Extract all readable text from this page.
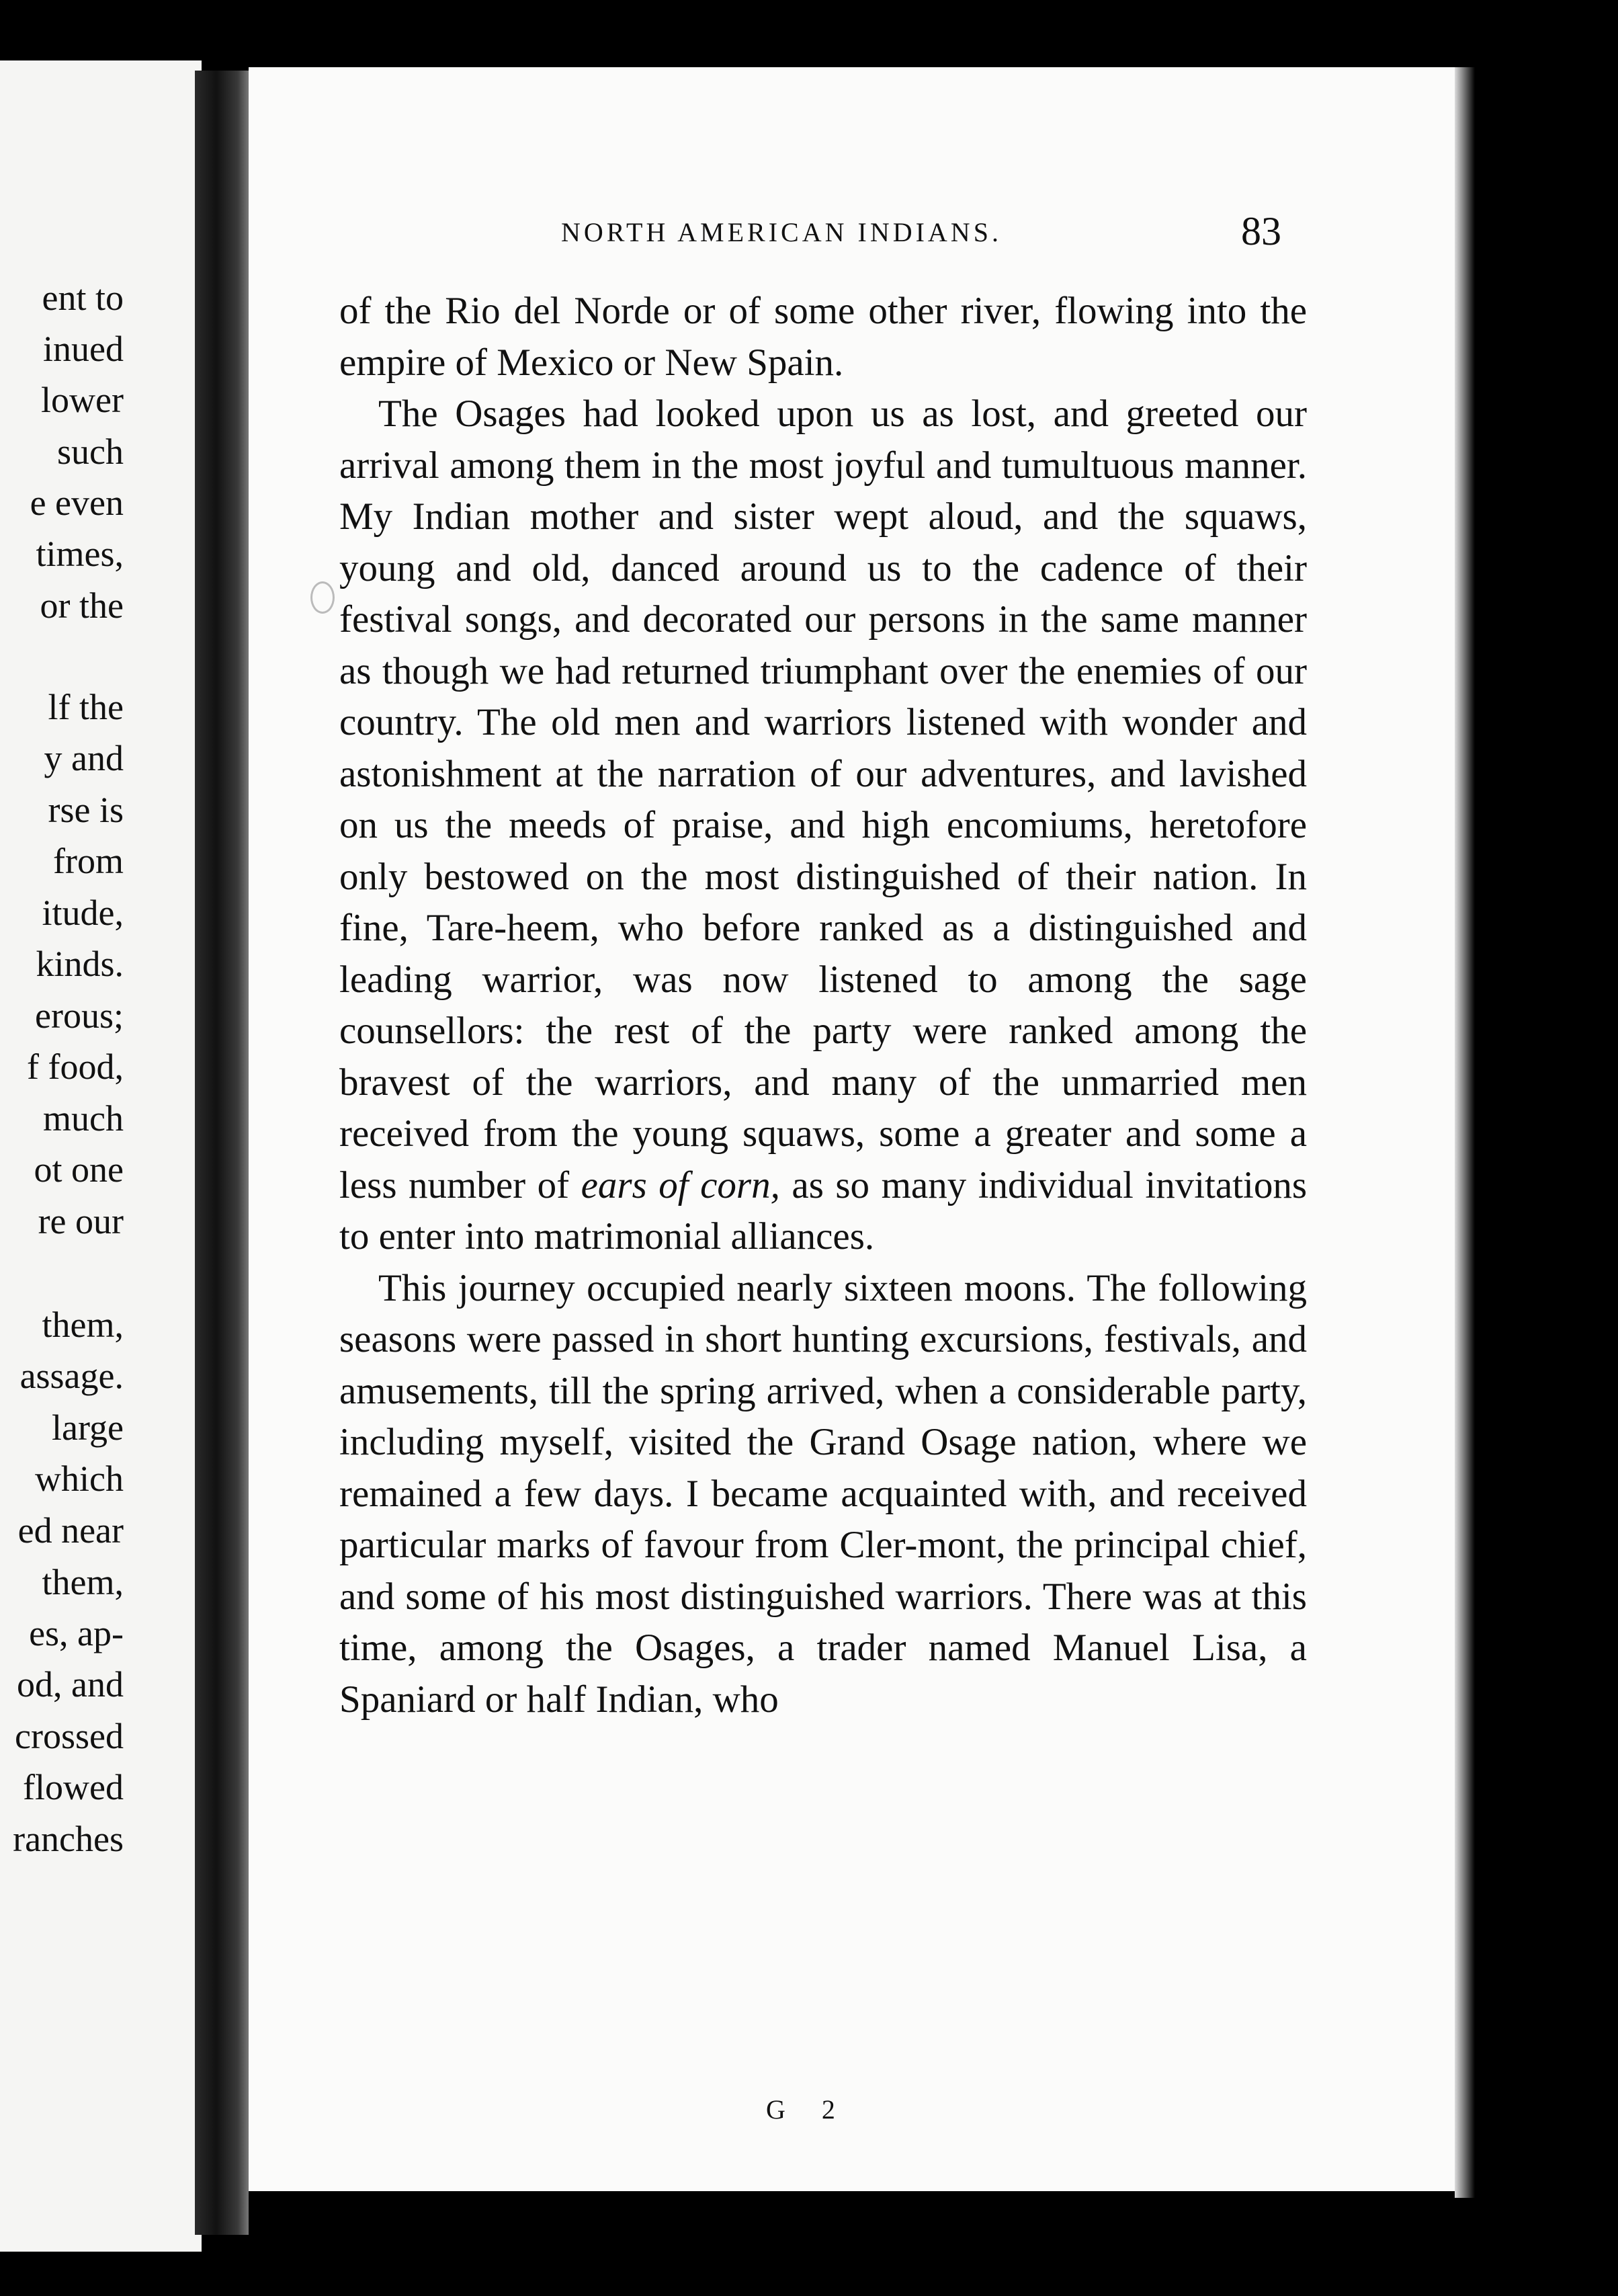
ent to
inued
lower
such
e even
times,
or the
lf the
y and
rse is
from
itude,
kinds.
erous;
f food,
much
ot one
re our
them,
assage.
large
which
ed near
them,
es, ap-
od, and
crossed
flowed
ranches
NORTH AMERICAN INDIANS.	83

of the Rio del Norde or of some other river, flowing into the empire of Mexico or New Spain.

The Osages had looked upon us as lost, and greeted our arrival among them in the most joyful and tumultuous manner. My Indian mother and sister wept aloud, and the squaws, young and old, danced around us to the cadence of their festival songs, and decorated our persons in the same manner as though we had returned triumphant over the enemies of our country. The old men and warriors listened with wonder and astonishment at the narration of our adventures, and lavished on us the meeds of praise, and high encomiums, heretofore only bestowed on the most distinguished of their nation. In fine, Tare-heem, who before ranked as a distinguished and leading warrior, was now listened to among the sage counsellors: the rest of the party were ranked among the bravest of the warriors, and many of the unmarried men received from the young squaws, some a greater and some a less number of ears of corn, as so many individual invitations to enter into matrimonial alliances.

This journey occupied nearly sixteen moons. The following seasons were passed in short hunting excursions, festivals, and amusements, till the spring arrived, when a considerable party, including myself, visited the Grand Osage nation, where we remained a few days. I became acquainted with, and received particular marks of favour from Cler-mont, the principal chief, and some of his most distinguished warriors. There was at this time, among the Osages, a trader named Manuel Lisa, a Spaniard or half Indian, who

G 2
